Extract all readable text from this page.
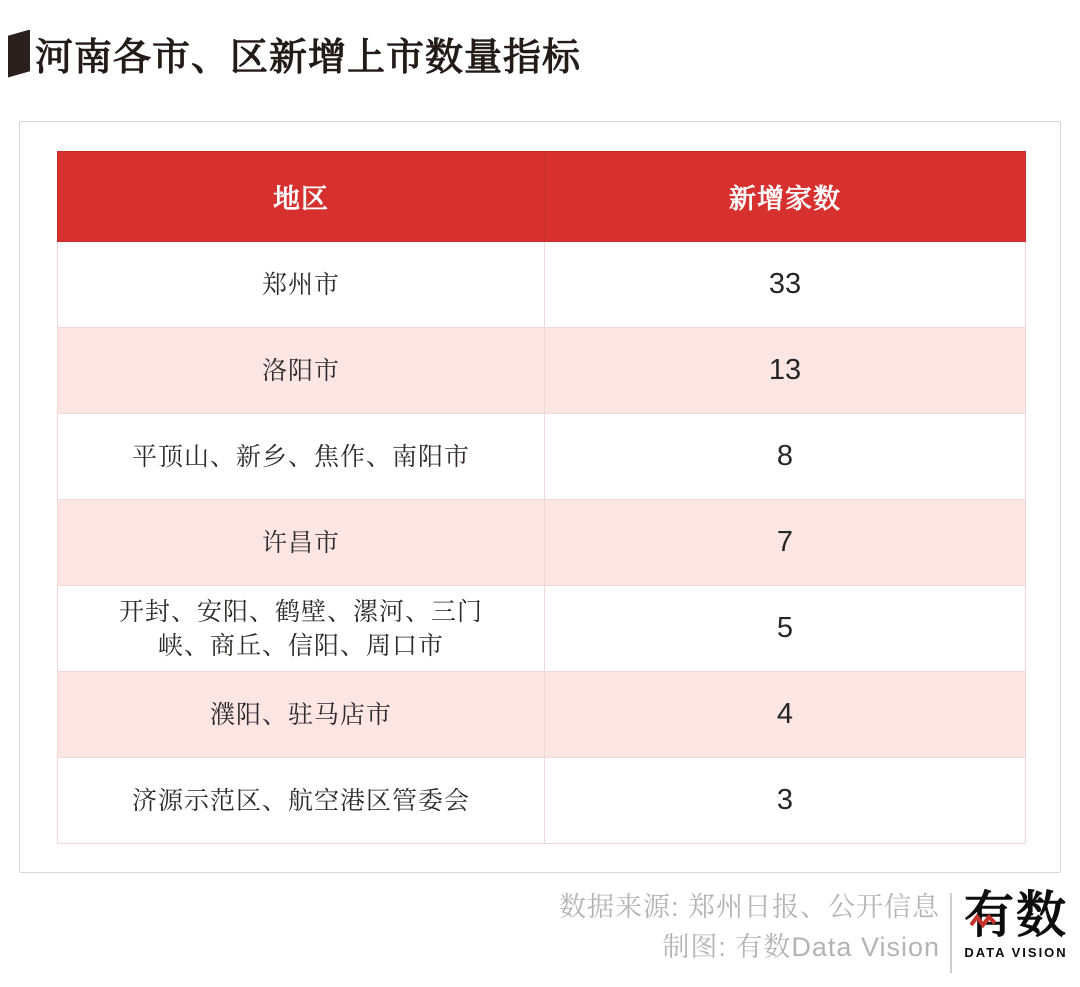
河南各市、区新增上市数量指标
地区	新增家数
郑州市	33
洛阳市	13
平顶山、新乡、焦作、南阳市	8
许昌市	7
开封、安阳、鹤壁、漯河、三门峡、商丘、信阳、周口市	5
濮阳、驻马店市	4
济源示范区、航空港区管委会	3
数据来源: 郑州日报、公开信息
制图: 有数Data Vision
有数
DATA VISION
